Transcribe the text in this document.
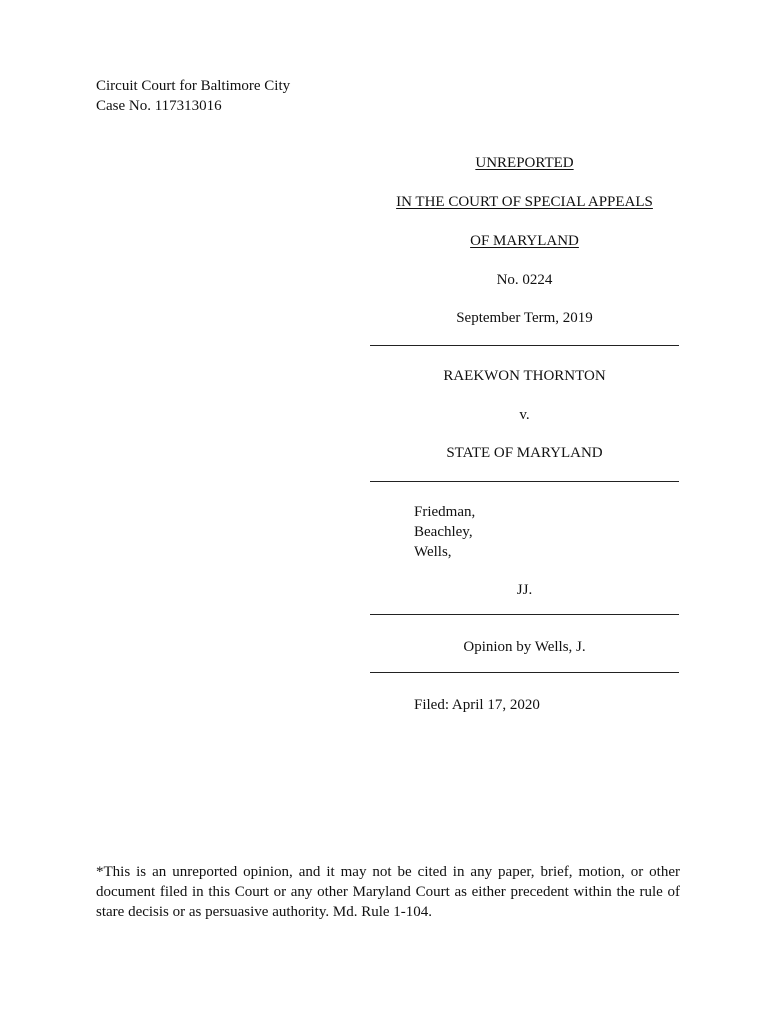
Circuit Court for Baltimore City
Case No. 117313016
UNREPORTED
IN THE COURT OF SPECIAL APPEALS
OF MARYLAND
No. 0224
September Term, 2019
RAEKWON THORNTON
v.
STATE OF MARYLAND
Friedman,
Beachley,
Wells,
JJ.
Opinion by Wells, J.
Filed: April 17, 2020
*This is an unreported opinion, and it may not be cited in any paper, brief, motion, or other document filed in this Court or any other Maryland Court as either precedent within the rule of stare decisis or as persuasive authority. Md. Rule 1-104.
